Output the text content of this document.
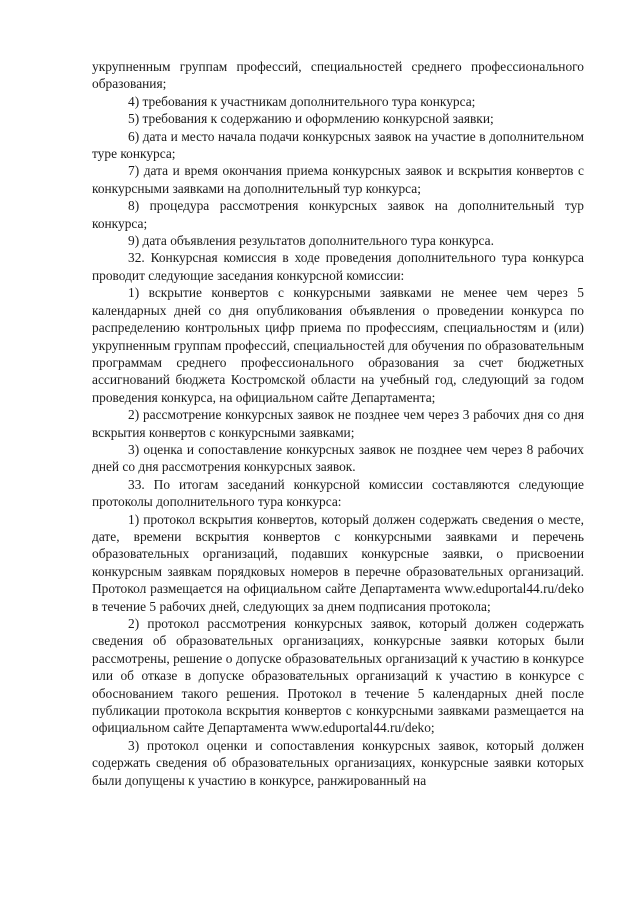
укрупненным группам профессий, специальностей среднего профессионального образования;

4) требования к участникам дополнительного тура конкурса;

5) требования к содержанию и оформлению конкурсной заявки;

6) дата и место начала подачи конкурсных заявок на участие в дополнительном туре конкурса;

7) дата и время окончания приема конкурсных заявок и вскрытия конвертов с конкурсными заявками на дополнительный тур конкурса;

8) процедура рассмотрения конкурсных заявок на дополнительный тур конкурса;

9) дата объявления результатов дополнительного тура конкурса.

32. Конкурсная комиссия в ходе проведения дополнительного тура конкурса проводит следующие заседания конкурсной комиссии:

1) вскрытие конвертов с конкурсными заявками не менее чем через 5 календарных дней со дня опубликования объявления о проведении конкурса по распределению контрольных цифр приема по профессиям, специальностям и (или) укрупненным группам профессий, специальностей для обучения по образовательным программам среднего профессионального образования за счет бюджетных ассигнований бюджета Костромской области на учебный год, следующий за годом проведения конкурса, на официальном сайте Департамента;

2) рассмотрение конкурсных заявок не позднее чем через 3 рабочих дня со дня вскрытия конвертов с конкурсными заявками;

3) оценка и сопоставление конкурсных заявок не позднее чем через 8 рабочих дней со дня рассмотрения конкурсных заявок.

33. По итогам заседаний конкурсной комиссии составляются следующие протоколы дополнительного тура конкурса:

1) протокол вскрытия конвертов, который должен содержать сведения о месте, дате, времени вскрытия конвертов с конкурсными заявками и перечень образовательных организаций, подавших конкурсные заявки, о присвоении конкурсным заявкам порядковых номеров в перечне образовательных организаций. Протокол размещается на официальном сайте Департамента www.eduportal44.ru/deko в течение 5 рабочих дней, следующих за днем подписания протокола;

2) протокол рассмотрения конкурсных заявок, который должен содержать сведения об образовательных организациях, конкурсные заявки которых были рассмотрены, решение о допуске образовательных организаций к участию в конкурсе или об отказе в допуске образовательных организаций к участию в конкурсе с обоснованием такого решения. Протокол в течение 5 календарных дней после публикации протокола вскрытия конвертов с конкурсными заявками размещается на официальном сайте Департамента www.eduportal44.ru/deko;

3) протокол оценки и сопоставления конкурсных заявок, который должен содержать сведения об образовательных организациях, конкурсные заявки которых были допущены к участию в конкурсе, ранжированный на
